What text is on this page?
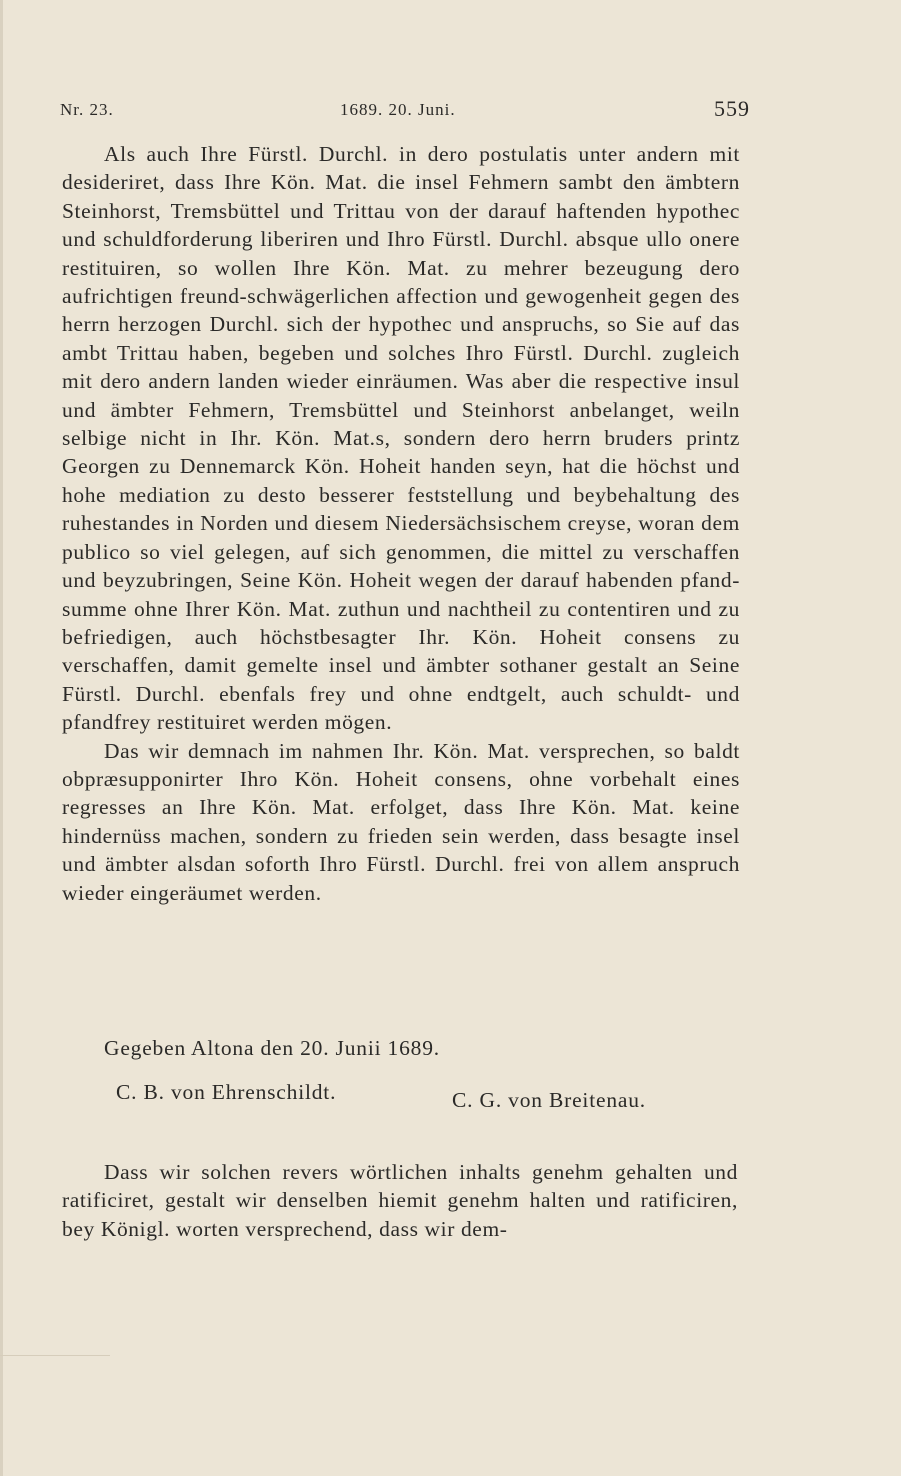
Nr. 23.	1689. 20. Juni.	559

Als auch Ihre Fürstl. Durchl. in dero postulatis unter andern mit desideriret, dass Ihre Kön. Mat. die insel Fehmern sambt den ämbtern Steinhorst, Tremsbüttel und Trittau von der darauf haftenden hypothec und schuldforderung liberiren und Ihro Fürstl. Durchl. absque ullo onere restituiren, so wollen Ihre Kön. Mat. zu mehrer bezeugung dero aufrichtigen freund-schwägerlichen affection und gewogenheit gegen des herrn herzogen Durchl. sich der hypothec und anspruchs, so Sie auf das ambt Trittau haben, begeben und solches Ihro Fürstl. Durchl. zugleich mit dero andern landen wieder einräumen. Was aber die respective insul und ämbter Fehmern, Tremsbüttel und Steinhorst anbelanget, weiln selbige nicht in Ihr. Kön. Mat.s, sondern dero herrn bruders printz Georgen zu Dennemarck Kön. Hoheit handen seyn, hat die höchst und hohe mediation zu desto besserer feststellung und beybehaltung des ruhestandes in Norden und diesem Niedersächsischem creyse, woran dem publico so viel gelegen, auf sich genommen, die mittel zu verschaffen und beyzubringen, Seine Kön. Hoheit wegen der darauf habenden pfand-summe ohne Ihrer Kön. Mat. zuthun und nachtheil zu contentiren und zu befriedigen, auch höchstbesagter Ihr. Kön. Hoheit consens zu verschaffen, damit gemelte insel und ämbter sothaner gestalt an Seine Fürstl. Durchl. ebenfals frey und ohne endtgelt, auch schuldt- und pfandfrey restituiret werden mögen.

Das wir demnach im nahmen Ihr. Kön. Mat. versprechen, so baldt obpræsupponirter Ihro Kön. Hoheit consens, ohne vorbehalt eines regresses an Ihre Kön. Mat. erfolget, dass Ihre Kön. Mat. keine hindernüss machen, sondern zu frieden sein werden, dass besagte insel und ämbter alsdan soforth Ihro Fürstl. Durchl. frei von allem anspruch wieder eingeräumet werden.

Gegeben Altona den 20. Junii 1689.
C. B. von Ehrenschildt.	C. G. von Breitenau.

Dass wir solchen revers wörtlichen inhalts genehm gehalten und ratificiret, gestalt wir denselben hiemit genehm halten und ratificiren, bey Königl. worten versprechend, dass wir dem-
